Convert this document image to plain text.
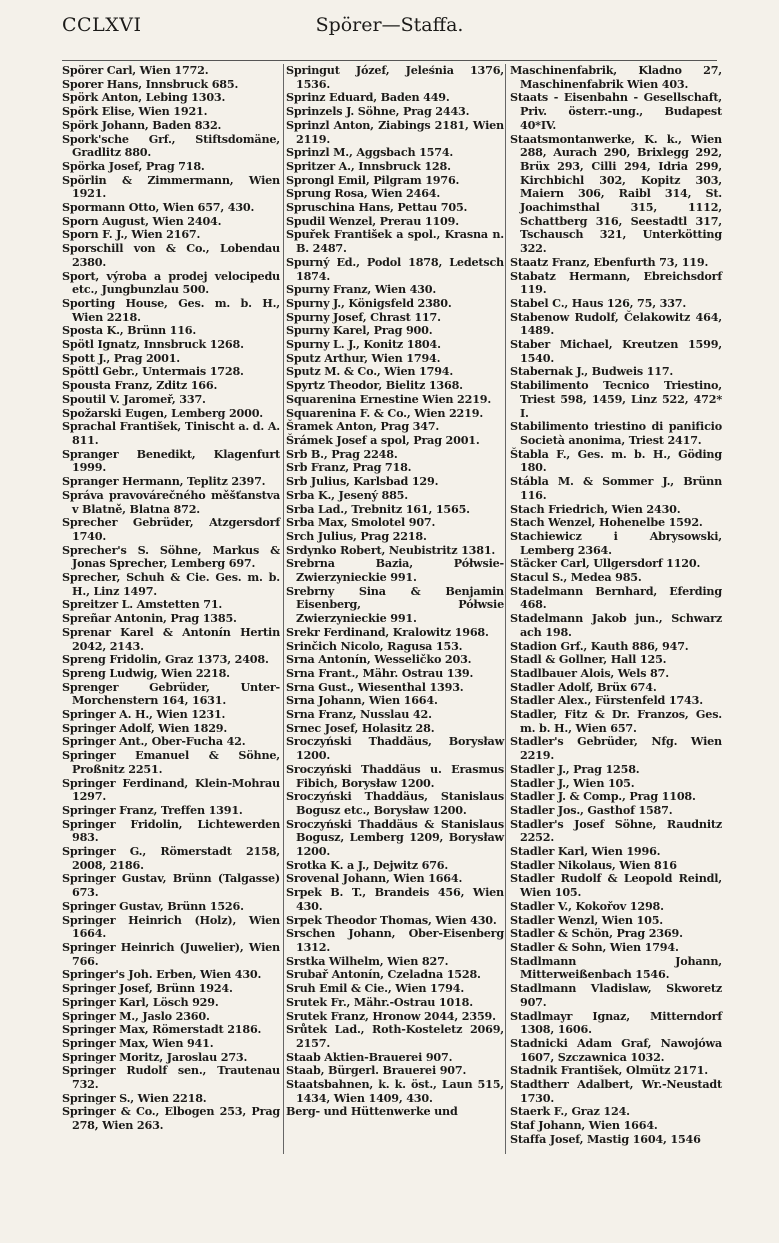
CCLXVI	Spörer—Staffa.
Spörer Carl, Wien 1772.
Sporer Hans, Innsbruck 685.
Spörk Anton, Lebing 1303.
Spörk Elise, Wien 1921.
Spörk Johann, Baden 832.
Spork'sche Grf., Stiftsdomäne, Gradlitz 880.
Spörka Josef, Prag 718.
Spörlin & Zimmermann, Wien 1921.
Spormann Otto, Wien 657, 430.
Sporn August, Wien 2404.
Sporn F. J., Wien 2167.
Sporschill von & Co., Lobendau 2380.
Sport, výroba a prodej velocipedu etc., Jungbunzlau 500.
Sporting House, Ges. m. b. H., Wien 2218.
Sposta K., Brünn 116.
Spötl Ignatz, Innsbruck 1268.
Spott J., Prag 2001.
Spöttl Gebr., Untermais 1728.
Spousta Franz, Zditz 166.
Spoutil V. Jaromeř, 337.
Spožarski Eugen, Lemberg 2000.
Sprachal František, Tinischt a. d. A. 811.
Spranger Benedikt, Klagenfurt 1999.
Spranger Hermann, Teplitz 2397.
Správa pravovárečného měšťanstva v Blatně, Blatna 872.
Sprecher Gebrüder, Atzgersdorf 1740.
Sprecher's S. Söhne, Markus & Jonas Sprecher, Lemberg 697.
Sprecher, Schuh & Cie. Ges. m. b. H., Linz 1497.
Spreitzer L. Amstetten 71.
Spreñar Antonin, Prag 1385.
Sprenar Karel & Antonín Hertin 2042, 2143.
Spreng Fridolin, Graz 1373, 2408.
Spreng Ludwig, Wien 2218.
Sprenger Gebrüder, Unter-Morchenstern 164, 1631.
Springer A. H., Wien 1231.
Springer Adolf, Wien 1829.
Springer Ant., Ober-Fucha 42.
Springer Emanuel & Söhne, Proßnitz 2251.
Springer Ferdinand, Klein-Mohrau 1297.
Springer Franz, Treffen 1391.
Springer Fridolin, Lichtewerden 983.
Springer G., Römerstadt 2158, 2008, 2186.
Springer Gustav, Brünn (Talgasse) 673.
Springer Gustav, Brünn 1526.
Springer Heinrich (Holz), Wien 1664.
Springer Heinrich (Juwelier), Wien 766.
Springer's Joh. Erben, Wien 430.
Springer Josef, Brünn 1924.
Springer Karl, Lösch 929.
Springer M., Jaslo 2360.
Springer Max, Römerstadt 2186.
Springer Max, Wien 941.
Springer Moritz, Jaroslau 273.
Springer Rudolf sen., Trautenau 732.
Springer S., Wien 2218.
Springer & Co., Elbogen 253, Prag 278, Wien 263.
Springut Józef, Jeleśnia 1376, 1536.
Sprinz Eduard, Baden 449.
Sprinzels J. Söhne, Prag 2443.
Sprinzl Anton, Ziabings 2181, Wien 2119.
Sprinzl M., Aggsbach 1574.
Spritzer A., Innsbruck 128.
Sprongl Emil, Pilgram 1976.
Sprung Rosa, Wien 2464.
Spruschina Hans, Pettau 705.
Spudil Wenzel, Prerau 1109.
Spuřek František a spol., Krasna n. B. 2487.
Spurný Ed., Podol 1878, Ledetsch 1874.
Spurny Franz, Wien 430.
Spurny J., Königsfeld 2380.
Spurny Josef, Chrast 117.
Spurny Karel, Prag 900.
Spurny L. J., Konitz 1804.
Sputz Arthur, Wien 1794.
Sputz M. & Co., Wien 1794.
Spyrtz Theodor, Bielitz 1368.
Squarenina Ernestine Wien 2219.
Squarenina F. & Co., Wien 2219.
Šramek Anton, Prag 347.
Šrámek Josef a spol, Prag 2001.
Srb B., Prag 2248.
Srb Franz, Prag 718.
Srb Julius, Karlsbad 129.
Srba K., Jesený 885.
Srba Lad., Trebnitz 161, 1565.
Srba Max, Smolotel 907.
Srch Julius, Prag 2218.
Srdynko Robert, Neubistritz 1381.
Srebrna Bazia, Półwsie-Zwierzynieckie 991.
Srebrny Sina & Benjamin Eisenberg, Półwsie Zwierzynieckie 991.
Srekr Ferdinand, Kralowitz 1968.
Srinčich Nicolo, Ragusa 153.
Srna Antonín, Wesseličko 203.
Srna Frant., Mähr. Ostrau 139.
Srna Gust., Wiesenthal 1393.
Srna Johann, Wien 1664.
Srna Franz, Nusslau 42.
Srnec Josef, Holasitz 28.
Sroczyński Thaddäus, Borysław 1200.
Sroczyński Thaddäus u. Erasmus Fibich, Borysław 1200.
Sroczyński Thaddäus, Stanislaus Bogusz etc., Borysław 1200.
Sroczyński Thaddäus & Stanislaus Bogusz, Lemberg 1209, Borysław 1200.
Srotka K. a J., Dejwitz 676.
Srovenal Johann, Wien 1664.
Srpek B. T., Brandeis 456, Wien 430.
Srpek Theodor Thomas, Wien 430.
Srschen Johann, Ober-Eisenberg 1312.
Srstka Wilhelm, Wien 827.
Srubař Antonín, Czeladna 1528.
Sruh Emil & Cie., Wien 1794.
Srutek Fr., Mähr.-Ostrau 1018.
Srutek Franz, Hronow 2044, 2359.
Srůtek Lad., Roth-Kosteletz 2069, 2157.
Staab Aktien-Brauerei 907.
Staab, Bürgerl. Brauerei 907.
Staatsbahnen, k. k. öst., Laun 515, 1434, Wien 1409, 430.
Berg- und Hüttenwerke und
Maschinenfabrik, Kladno 27, Maschinenfabrik Wien 403.
Staats - Eisenbahn - Gesellschaft, Priv. österr.-ung., Budapest 40*IV.
Staatsmontanwerke, K. k., Wien 288, Aurach 290, Brixlegg 292, Brüx 293, Cilli 294, Idria 299, Kirchbichl 302, Kopitz 303, Maiern 306, Raibl 314, St. Joachimsthal 315, 1112, Schattberg 316, Seestadtl 317, Tschausch 321, Unterkötting 322.
Staatz Franz, Ebenfurth 73, 119.
Stabatz Hermann, Ebreichsdorf 119.
Stabel C., Haus 126, 75, 337.
Stabenow Rudolf, Čelakowitz 464, 1489.
Staber Michael, Kreutzen 1599, 1540.
Stabernak J., Budweis 117.
Stabilimento Tecnico Triestino, Triest 598, 1459, Linz 522, 472* I.
Stabilimento triestino di panificio Società anonima, Triest 2417.
Štabla F., Ges. m. b. H., Göding 180.
Stábla M. & Sommer J., Brünn 116.
Stach Friedrich, Wien 2430.
Stach Wenzel, Hohenelbe 1592.
Stachiewicz i Abrysowski, Lemberg 2364.
Stäcker Carl, Ullgersdorf 1120.
Stacul S., Medea 985.
Stadelmann Bernhard, Eferding 468.
Stadelmann Jakob jun., Schwarz ach 198.
Stadion Grf., Kauth 886, 947.
Stadl & Gollner, Hall 125.
Stadlbauer Alois, Wels 87.
Stadler Adolf, Brüx 674.
Stadler Alex., Fürstenfeld 1743.
Stadler, Fitz & Dr. Franzos, Ges. m. b. H., Wien 657.
Stadler's Gebrüder, Nfg. Wien 2219.
Stadler J., Prag 1258.
Stadler J., Wien 105.
Stadler J. & Comp., Prag 1108.
Stadler Jos., Gasthof 1587.
Stadler's Josef Söhne, Raudnitz 2252.
Stadler Karl, Wien 1996.
Stadler Nikolaus, Wien 816
Stadler Rudolf & Leopold Reindl, Wien 105.
Stadler V., Kokořov 1298.
Stadler Wenzl, Wien 105.
Stadler & Schön, Prag 2369.
Stadler & Sohn, Wien 1794.
Stadlmann Johann, Mitterweißenbach 1546.
Stadlmann Vladislaw, Skworetz 907.
Stadlmayr Ignaz, Mitterndorf 1308, 1606.
Stadnicki Adam Graf, Nawojówa 1607, Szczawnica 1032.
Stadnik František, Olmütz 2171.
Stadtherr Adalbert, Wr.-Neustadt 1730.
Staerk F., Graz 124.
Staf Johann, Wien 1664.
Staffa Josef, Mastig 1604, 1546
